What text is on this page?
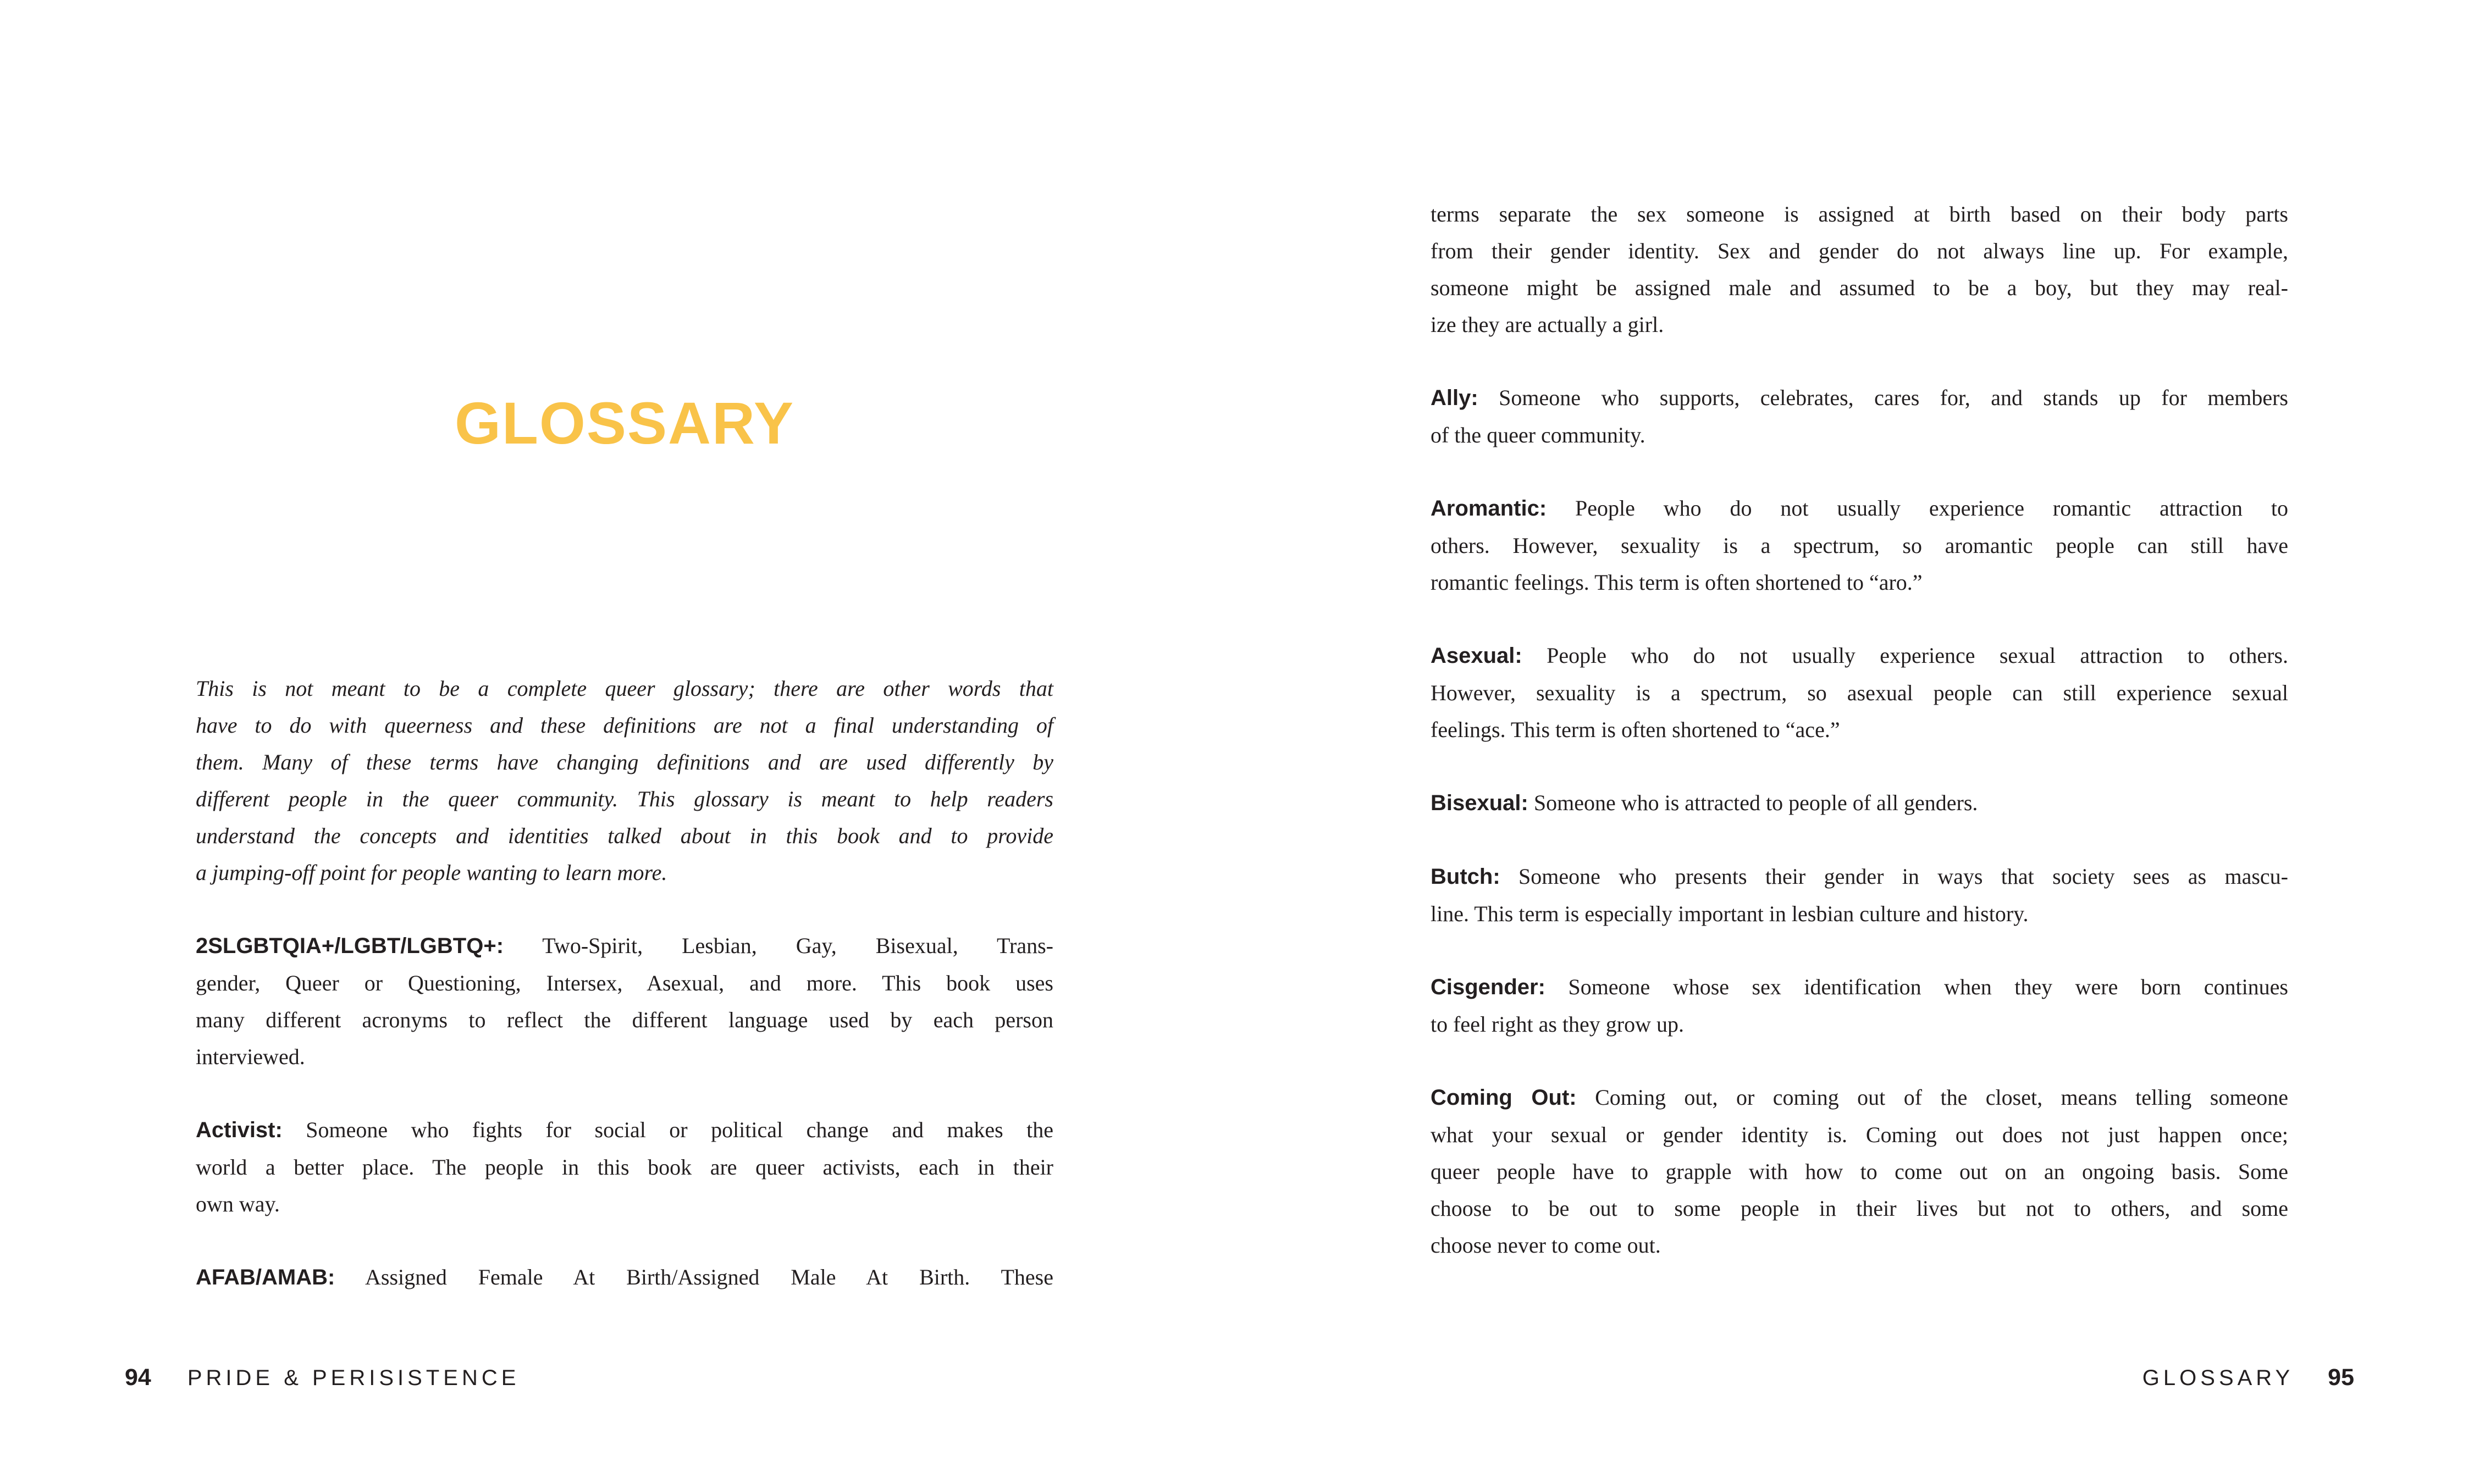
GLOSSARY
This is not meant to be a complete queer glossary; there are other words that
have to do with queerness and these definitions are not a final understanding of
them. Many of these terms have changing definitions and are used differently by
different people in the queer community. This glossary is meant to help readers
understand the concepts and identities talked about in this book and to provide
a jumping-off point for people wanting to learn more.
2SLGBTQIA+/LGBT/LGBTQ+: Two-Spirit, Lesbian, Gay, Bisexual, Trans-
gender, Queer or Questioning, Intersex, Asexual, and more. This book uses
many different acronyms to reflect the different language used by each person
interviewed.
Activist: Someone who fights for social or political change and makes the
world a better place. The people in this book are queer activists, each in their
own way.
AFAB/AMAB: Assigned Female At Birth/Assigned Male At Birth. These
terms separate the sex someone is assigned at birth based on their body parts
from their gender identity. Sex and gender do not always line up. For example,
someone might be assigned male and assumed to be a boy, but they may real-
ize they are actually a girl.
Ally: Someone who supports, celebrates, cares for, and stands up for members
of the queer community.
Aromantic: People who do not usually experience romantic attraction to
others. However, sexuality is a spectrum, so aromantic people can still have
romantic feelings. This term is often shortened to “aro.”
Asexual: People who do not usually experience sexual attraction to others.
However, sexuality is a spectrum, so asexual people can still experience sexual
feelings. This term is often shortened to “ace.”
Bisexual: Someone who is attracted to people of all genders.
Butch: Someone who presents their gender in ways that society sees as mascu-
line. This term is especially important in lesbian culture and history.
Cisgender: Someone whose sex identification when they were born continues
to feel right as they grow up.
Coming Out: Coming out, or coming out of the closet, means telling someone
what your sexual or gender identity is. Coming out does not just happen once;
queer people have to grapple with how to come out on an ongoing basis. Some
choose to be out to some people in their lives but not to others, and some
choose never to come out.
94 PRIDE & PERISISTENCE	GLOSSARY 95
